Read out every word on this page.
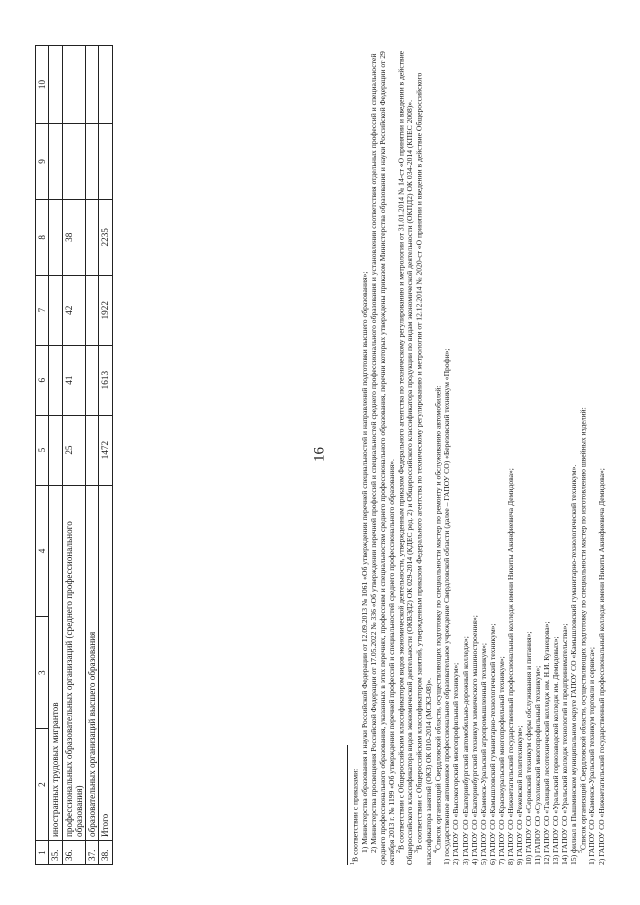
16
1	2	3	4	5	6	7	8	9	10
35.	иностранных трудовых мигрантов								
36.	профессиональных образовательных организаций (среднего профессионального образования)			25	41	42	38		
37.	образовательных организаций высшего образования								
38.	Итого			1472	1613	1922	2235		

$^1$В соответствии с приказами: 1) Министерства образования и науки Российской Федерации от 12.09.2013 № 1061 «Об утверждении перечней специальностей и направлений подготовки высшего образования»; 2) Министерства просвещения Российской Федерации от 17.05.2022 № 336 «Об утверждении перечней профессий и специальностей среднего профессионального образования и установлении соответствия отдельных профессий и специальностей среднего профессионального образования, указанных в этих перечнях, профессиям и специальностям среднего профессионального образования, перечни которых утверждены приказом Министерства образования и науки Российской Федерации от 29 октября 2013 г. № 1199 «Об утверждении перечней профессий и специальностей среднего профессионального образования». $^2$В соответствии с Общероссийским классификатором видов экономической деятельности, утвержденным приказом Федерального агентства по техническому регулированию и метрологии от 31.01.2014 № 14-ст «О принятии и введении в действие Общероссийского классификатора видов экономической деятельности (ОКВЭД2) ОК 029-2014 (КДЕС ред. 2) и Общероссийского классификатора продукции по видам экономической деятельности (ОКПД2) ОК 034-2014 (КПЕС 2008)». $^3$В соответствии с Общероссийским классификатором занятий, утвержденным приказом Федерального агентства по техническому регулированию и метрологии от 12.12.2014 № 2020-ст «О принятии и введении в действие Общероссийского классификатора занятий (ОКЗ) ОК 010-2014 (МСКЗ-08)». $^4$Список организаций Свердловской области, осуществляющих подготовку по специальности мастер по ремонту и обслуживанию автомобилей: 1) государственное автономное профессиональное образовательное учреждение Свердловской области (далее – ГАПОУ СО) «Березовский техникум «Профи»; 2) ГАПОУ СО «Высокогорский многопрофильный техникум»; 3) ГАПОУ СО «Екатеринбургский автомобильно-дорожный колледж»; 4) ГАПОУ СО «Екатеринбургский техникум химического машиностроения»; 5) ГАПОУ СО «Каменск-Уральский агропромышленный техникум»; 6) ГАПОУ СО «Камышловский гуманитарно-технологический техникум»; 7) ГАПОУ СО «Красноуральский многопрофильный техникум»; 8) ГАПОУ СО «Нижнетагильский государственный профессиональный колледж имени Никиты Акинфиевича Демидова»; 9) ГАПОУ СО «Режевской политехникум»; 10) ГАПОУ СО «Серовский техникум сферы обслуживания и питания»; 11) ГАПОУ СО «Сухоложский многопрофильный техникум»; 12) ГАПОУ СО «Талицкий лесотехнический колледж им. Н.И. Кузнецова»; 13) ГАПОУ СО «Уральский горнозаводской колледж им. Демидовых»; 14) ГАПОУ СО «Уральский колледж технологий и предпринимательства»; 15) филиал в Пышминском муниципальном округе ГАПОУ СО «Камышловский гуманитарно-технологический техникум». $^5$Список организаций Свердловской области, осуществляющих подготовку по специальности мастер по изготовлению швейных изделий: 1) ГАПОУ СО «Каменск-Уральский техникум торговли и сервиса»; 2) ГАПОУ СО «Нижнетагильский государственный профессиональный колледж имени Никиты Акинфиевича Демидова»;
